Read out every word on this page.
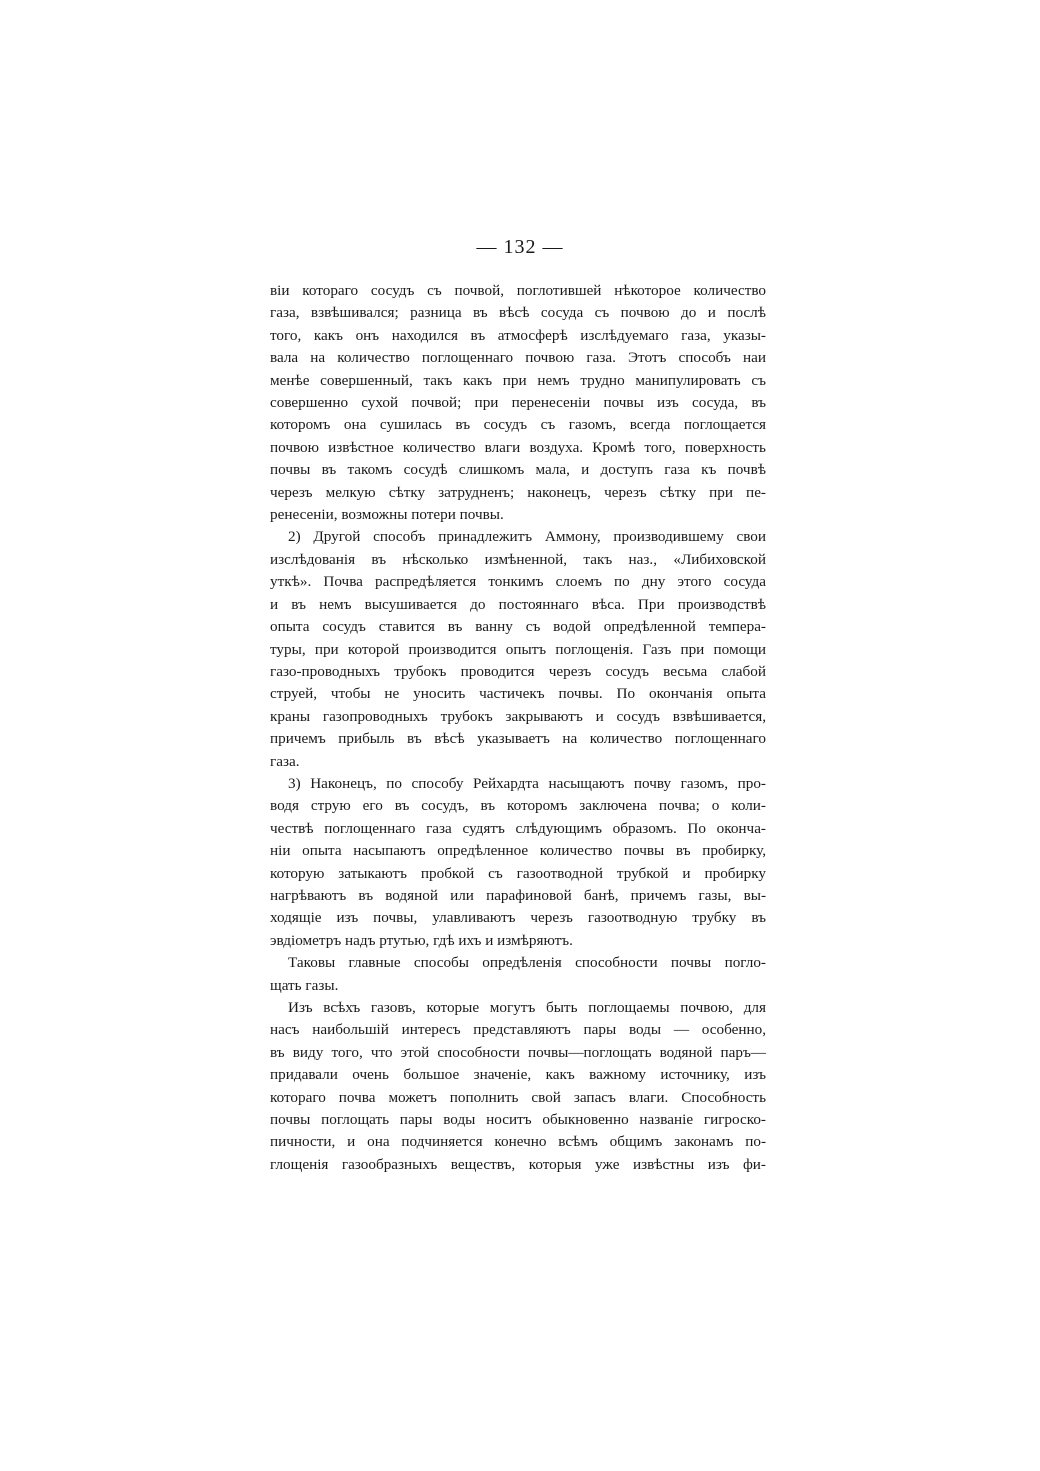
— 132 —
віи котораго сосудъ съ почвой, поглотившей нѣкоторое количество
газа, взвѣшивался; разница въ вѣсѣ сосуда съ почвою до и послѣ
того, какъ онъ находился въ атмосферѣ изслѣдуемаго газа, указы-
вала на количество поглощеннаго почвою газа. Этотъ способъ наи
менѣе совершенный, такъ какъ при немъ трудно манипулировать съ
совершенно сухой почвой; при перенесеніи почвы изъ сосуда, въ
которомъ она сушилась въ сосудъ съ газомъ, всегда поглощается
почвою извѣстное количество влаги воздуха. Кромѣ того, поверхность
почвы въ такомъ сосудѣ слишкомъ мала, и доступъ газа къ почвѣ
черезъ мелкую сѣтку затрудненъ; наконецъ, черезъ сѣтку при пе-
ренесеніи, возможны потери почвы.
2) Другой способъ принадлежитъ Аммону, производившему свои
изслѣдованія въ нѣсколько измѣненной, такъ наз., «Либиховской
уткѣ». Почва распредѣляется тонкимъ слоемъ по дну этого сосуда
и въ немъ высушивается до постояннаго вѣса. При производствѣ
опыта сосудъ ставится въ ванну съ водой опредѣленной темпера-
туры, при которой производится опытъ поглощенія. Газъ при помощи
газо-проводныхъ трубокъ проводится черезъ сосудъ весьма слабой
струей, чтобы не уносить частичекъ почвы. По окончанія опыта
краны газопроводныхъ трубокъ закрываютъ и сосудъ взвѣшивается,
причемъ прибыль въ вѣсѣ указываетъ на количество поглощеннаго
газа.
3) Наконецъ, по способу Рейхардта насыщаютъ почву газомъ, про-
водя струю его въ сосудъ, въ которомъ заключена почва; о коли-
чествѣ поглощеннаго газа судятъ слѣдующимъ образомъ. По оконча-
ніи опыта насыпаютъ опредѣленное количество почвы въ пробирку,
которую затыкаютъ пробкой съ газоотводной трубкой и пробирку
нагрѣваютъ въ водяной или парафиновой банѣ, причемъ газы, вы-
ходящіе изъ почвы, улавливаютъ черезъ газоотводную трубку въ
эвдіометръ надъ ртутью, гдѣ ихъ и измѣряютъ.
Таковы главные способы опредѣленія способности почвы погло-
щать газы.
Изъ всѣхъ газовъ, которые могутъ быть поглощаемы почвою, для
насъ наибольшій интересъ представляютъ пары воды — особенно,
въ виду того, что этой способности почвы—поглощать водяной паръ—
придавали очень большое значеніе, какъ важному источнику, изъ
котораго почва можетъ пополнить свой запасъ влаги. Способность
почвы поглощать пары воды носитъ обыкновенно названіе гигроско-
пичности, и она подчиняется конечно всѣмъ общимъ законамъ по-
глощенія газообразныхъ веществъ, которыя уже извѣстны изъ фи-
